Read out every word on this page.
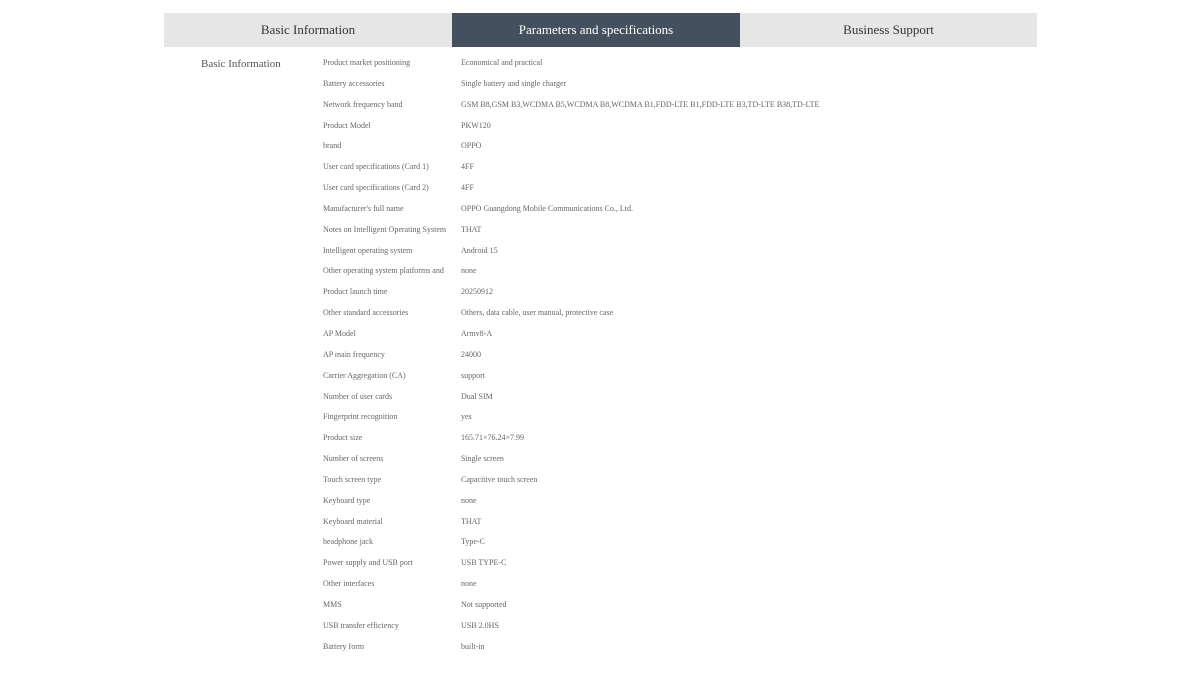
Basic Information	Parameters and specifications	Business Support
Basic Information	Product market positioning	Economical and practical
Battery accessories	Single battery and single charger
Network frequency band	GSM B8,GSM B3,WCDMA B5,WCDMA B8,WCDMA B1,FDD-LTE B1,FDD-LTE B3,TD-LTE B38,TD-LTE
Product Model	PKW120
brand	OPPO
User card specifications (Card 1)	4FF
User card specifications (Card 2)	4FF
Manufacturer's full name	OPPO Guangdong Mobile Communications Co., Ltd.
Notes on Intelligent Operating System	THAT
Intelligent operating system	Android 15
Other operating system platforms and	none
Product launch time	20250912
Other standard accessories	Others, data cable, user manual, protective case
AP Model	Armv8-A
AP main frequency	24000
Carrier Aggregation (CA)	support
Number of user cards	Dual SIM
Fingerprint recognition	yes
Product size	165.71×76.24×7.99
Number of screens	Single screen
Touch screen type	Capacitive touch screen
Keyboard type	none
Keyboard material	THAT
headphone jack	Type-C
Power supply and USB port	USB TYPE-C
Other interfaces	none
MMS	Not supported
USB transfer efficiency	USB 2.0HS
Battery form	built-in
